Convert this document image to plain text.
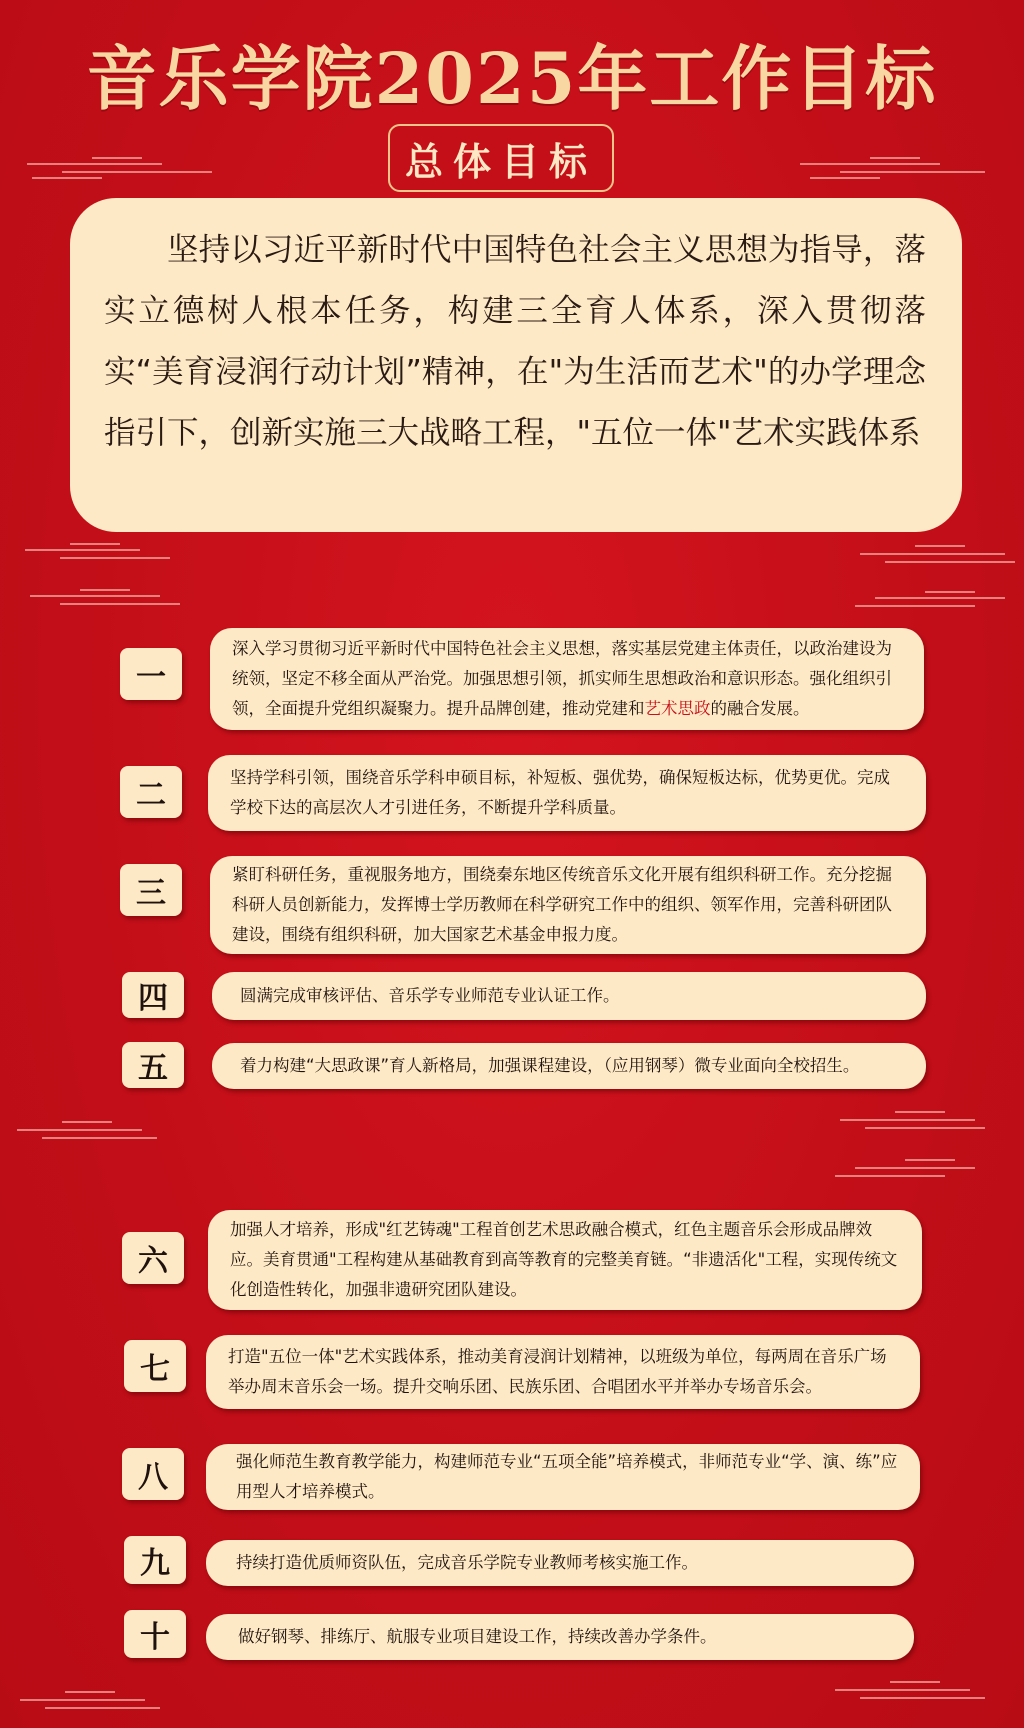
音乐学院2025年工作目标
总体目标
坚持以习近平新时代中国特色社会主义思想为指导，落实立德树人根本任务，构建三全育人体系，深入贯彻落实“美育浸润行动计划”精神，在"为生活而艺术"的办学理念指引下，创新实施三大战略工程，"五位一体"艺术实践体系
一
深入学习贯彻习近平新时代中国特色社会主义思想，落实基层党建主体责任，以政治建设为统领，坚定不移全面从严治党。加强思想引领，抓实师生思想政治和意识形态。强化组织引领，全面提升党组织凝聚力。提升品牌创建，推动党建和艺术思政的融合发展。
二
坚持学科引领，围绕音乐学科申硕目标，补短板、强优势，确保短板达标，优势更优。完成学校下达的高层次人才引进任务，不断提升学科质量。
三
紧盯科研任务，重视服务地方，围绕秦东地区传统音乐文化开展有组织科研工作。充分挖掘科研人员创新能力，发挥博士学历教师在科学研究工作中的组织、领军作用，完善科研团队建设，围绕有组织科研，加大国家艺术基金申报力度。
四	圆满完成审核评估、音乐学专业师范专业认证工作。
五	着力构建“大思政课”育人新格局，加强课程建设，（应用钢琴）微专业面向全校招生。
六
加强人才培养，形成"红艺铸魂"工程首创艺术思政融合模式，红色主题音乐会形成品牌效应。美育贯通"工程构建从基础教育到高等教育的完整美育链。“非遗活化"工程，实现传统文化创造性转化，加强非遗研究团队建设。
七	打造"五位一体"艺术实践体系，推动美育浸润计划精神，以班级为单位，每两周在音乐广场举办周末音乐会一场。提升交响乐团、民族乐团、合唱团水平并举办专场音乐会。
八	强化师范生教育教学能力，构建师范专业“五项全能”培养模式，非师范专业“学、演、练”应用型人才培养模式。
九	持续打造优质师资队伍，完成音乐学院专业教师考核实施工作。
十	做好钢琴、排练厅、航服专业项目建设工作，持续改善办学条件。
